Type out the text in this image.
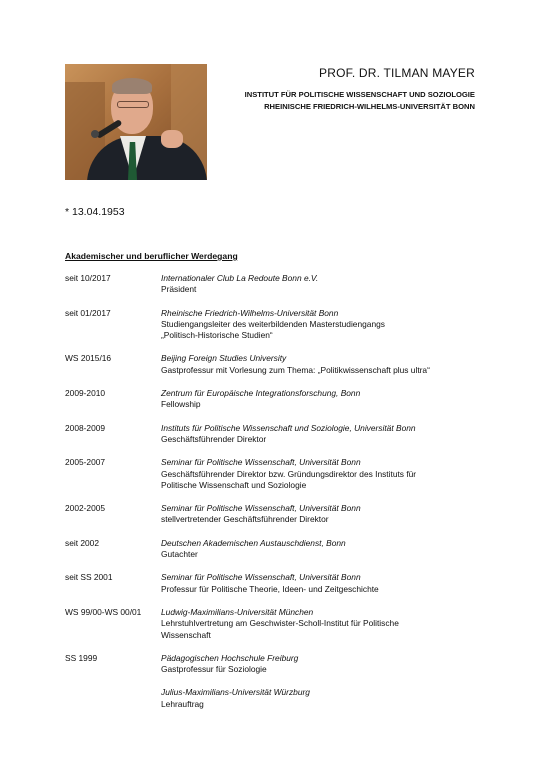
PROF. DR. TILMAN MAYER
INSTITUT FÜR POLITISCHE WISSENSCHAFT UND SOZIOLOGIE
RHEINISCHE FRIEDRICH-WILHELMS-UNIVERSITÄT BONN
* 13.04.1953
Akademischer und beruflicher Werdegang
seit 10/2017	Internationaler Club La Redoute Bonn e.V.
Präsident
seit 01/2017	Rheinische Friedrich-Wilhelms-Universität Bonn
Studiengangsleiter des weiterbildenden Masterstudiengangs
„Politisch-Historische Studien“
WS 2015/16	Beijing Foreign Studies University
Gastprofessur mit Vorlesung zum Thema: „Politikwissenschaft plus ultra“
2009-2010	Zentrum für Europäische Integrationsforschung, Bonn
Fellowship
2008-2009	Instituts für Politische Wissenschaft und Soziologie, Universität Bonn
Geschäftsführender Direktor
2005-2007	Seminar für Politische Wissenschaft, Universität Bonn
Geschäftsführender Direktor bzw. Gründungsdirektor des Instituts für
Politische Wissenschaft und Soziologie
2002-2005	Seminar für Politische Wissenschaft, Universität Bonn
stellvertretender Geschäftsführender Direktor
seit 2002	Deutschen Akademischen Austauschdienst, Bonn
Gutachter
seit SS 2001	Seminar für Politische Wissenschaft, Universität Bonn
Professur für Politische Theorie, Ideen- und Zeitgeschichte
WS 99/00-WS 00/01	Ludwig-Maximilians-Universität München
Lehrstuhlvertretung am Geschwister-Scholl-Institut für Politische
Wissenschaft
SS 1999	Pädagogischen Hochschule Freiburg
Gastprofessur für Soziologie
Julius-Maximilians-Universität Würzburg
Lehrauftrag
